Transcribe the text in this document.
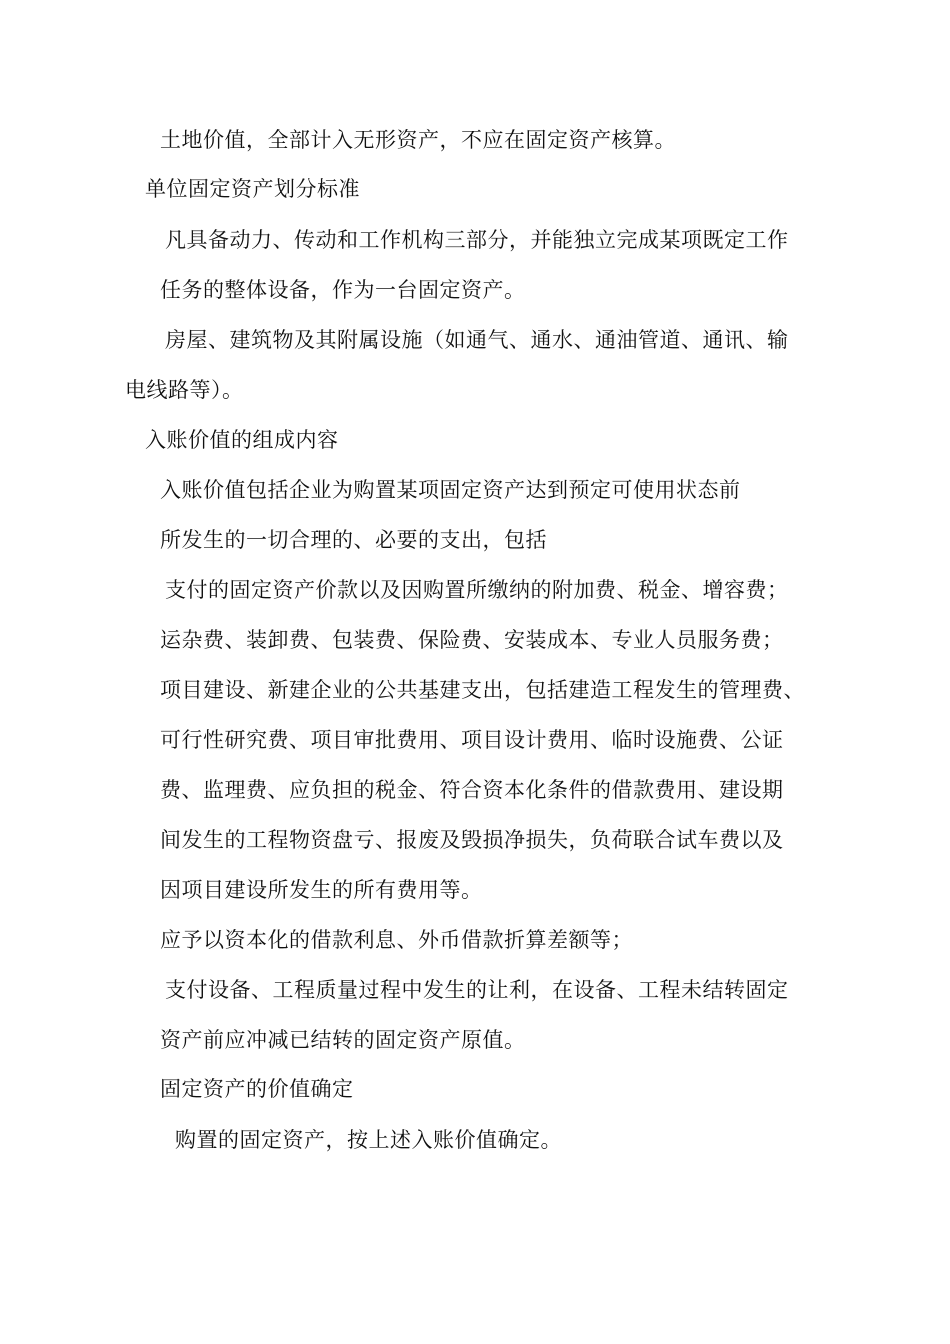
土地价值，全部计入无形资产，不应在固定资产核算。
单位固定资产划分标准
凡具备动力、传动和工作机构三部分，并能独立完成某项既定工作
任务的整体设备，作为一台固定资产。
房屋、建筑物及其附属设施（如通气、通水、通油管道、通讯、输
电线路等）。
入账价值的组成内容
入账价值包括企业为购置某项固定资产达到预定可使用状态前
所发生的一切合理的、必要的支出，包括
支付的固定资产价款以及因购置所缴纳的附加费、税金、增容费；
运杂费、装卸费、包装费、保险费、安装成本、专业人员服务费；
项目建设、新建企业的公共基建支出，包括建造工程发生的管理费、
可行性研究费、项目审批费用、项目设计费用、临时设施费、公证
费、监理费、应负担的税金、符合资本化条件的借款费用、建设期
间发生的工程物资盘亏、报废及毁损净损失，负荷联合试车费以及
因项目建设所发生的所有费用等。
应予以资本化的借款利息、外币借款折算差额等；
支付设备、工程质量过程中发生的让利，在设备、工程未结转固定
资产前应冲减已结转的固定资产原值。
固定资产的价值确定
购置的固定资产，按上述入账价值确定。
